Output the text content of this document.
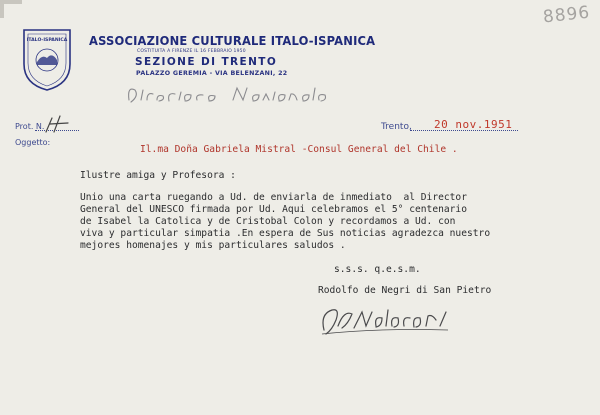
8896
ITALO-ISPANICA ASSOCIAZIONE CULTURALE ITALO-ISPANICA
COSTITUITA A FIRENZE IL 16 FEBBRAIO 1950
SEZIONE DI TRENTO
PALAZZO GEREMIA - VIA BELENZANI, 22
Prot. N.
Oggetto:
Trento, 20 nov.1951
Il.ma Doña Gabriela Mistral -Consul General del Chile .
Ilustre amiga y Profesora :
Unio una carta ruegando a Ud. de enviarla de inmediato  al Director
General del UNESCO firmada por Ud. Aqui celebramos el 5° centenario
de Isabel la Catolica y de Cristobal Colon y recordamos a Ud. con
viva y particular simpatia .En espera de Sus noticias agradezca nuestro
mejores homenajes y mis particulares saludos .
s.s.s. q.e.s.m.
Rodolfo de Negri di San Pietro
